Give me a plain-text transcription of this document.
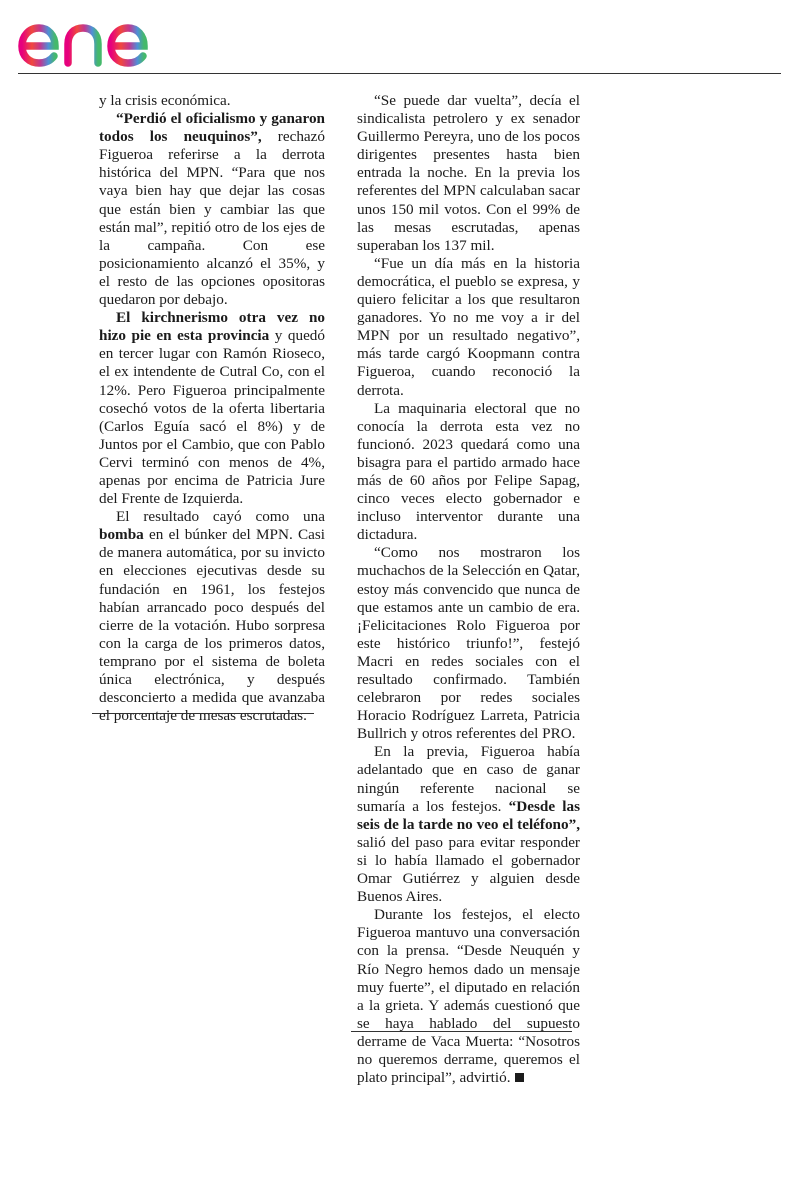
y la crisis económica.

“Perdió el oficialismo y ganaron todos los neuquinos”, rechazó Figueroa referirse a la derrota histórica del MPN. “Para que nos vaya bien hay que dejar las cosas que están bien y cambiar las que están mal”, repitió otro de los ejes de la campaña. Con ese posicionamiento alcanzó el 35%, y el resto de las opciones opositoras quedaron por debajo.

El kirchnerismo otra vez no hizo pie en esta provincia y quedó en tercer lugar con Ramón Rioseco, el ex intendente de Cutral Co, con el 12%. Pero Figueroa principalmente cosechó votos de la oferta libertaria (Carlos Eguía sacó el 8%) y de Juntos por el Cambio, que con Pablo Cervi terminó con menos de 4%, apenas por encima de Patricia Jure del Frente de Izquierda.

El resultado cayó como una bomba en el búnker del MPN. Casi de manera automática, por su invicto en elecciones ejecutivas desde su fundación en 1961, los festejos habían arrancado poco después del cierre de la votación. Hubo sorpresa con la carga de los primeros datos, temprano por el sistema de boleta única electrónica, y después desconcierto a medida que avanzaba el porcentaje de mesas escrutadas.

“Se puede dar vuelta”, decía el sindicalista petrolero y ex senador Guillermo Pereyra, uno de los pocos dirigentes presentes hasta bien entrada la noche. En la previa los referentes del MPN calculaban sacar unos 150 mil votos. Con el 99% de las mesas escrutadas, apenas superaban los 137 mil.

“Fue un día más en la historia democrática, el pueblo se expresa, y quiero felicitar a los que resultaron ganadores. Yo no me voy a ir del MPN por un resultado negativo”, más tarde cargó Koopmann contra Figueroa, cuando reconoció la derrota.

La maquinaria electoral que no conocía la derrota esta vez no funcionó. 2023 quedará como una bisagra para el partido armado hace más de 60 años por Felipe Sapag, cinco veces electo gobernador e incluso interventor durante una dictadura.

“Como nos mostraron los muchachos de la Selección en Qatar, estoy más convencido que nunca de que estamos ante un cambio de era. ¡Felicitaciones Rolo Figueroa por este histórico triunfo!”, festejó Macri en redes sociales con el resultado confirmado. También celebraron por redes sociales Horacio Rodríguez Larreta, Patricia Bullrich y otros referentes del PRO.

En la previa, Figueroa había adelantado que en caso de ganar ningún referente nacional se sumaría a los festejos. “Desde las seis de la tarde no veo el teléfono”, salió del paso para evitar responder si lo había llamado el gobernador Omar Gutiérrez y alguien desde Buenos Aires.

Durante los festejos, el electo Figueroa mantuvo una conversación con la prensa. “Desde Neuquén y Río Negro hemos dado un mensaje muy fuerte”, el diputado en relación a la grieta. Y además cuestionó que se haya hablado del supuesto derrame de Vaca Muerta: “Nosotros no queremos derrame, queremos el plato principal”, advirtió.
